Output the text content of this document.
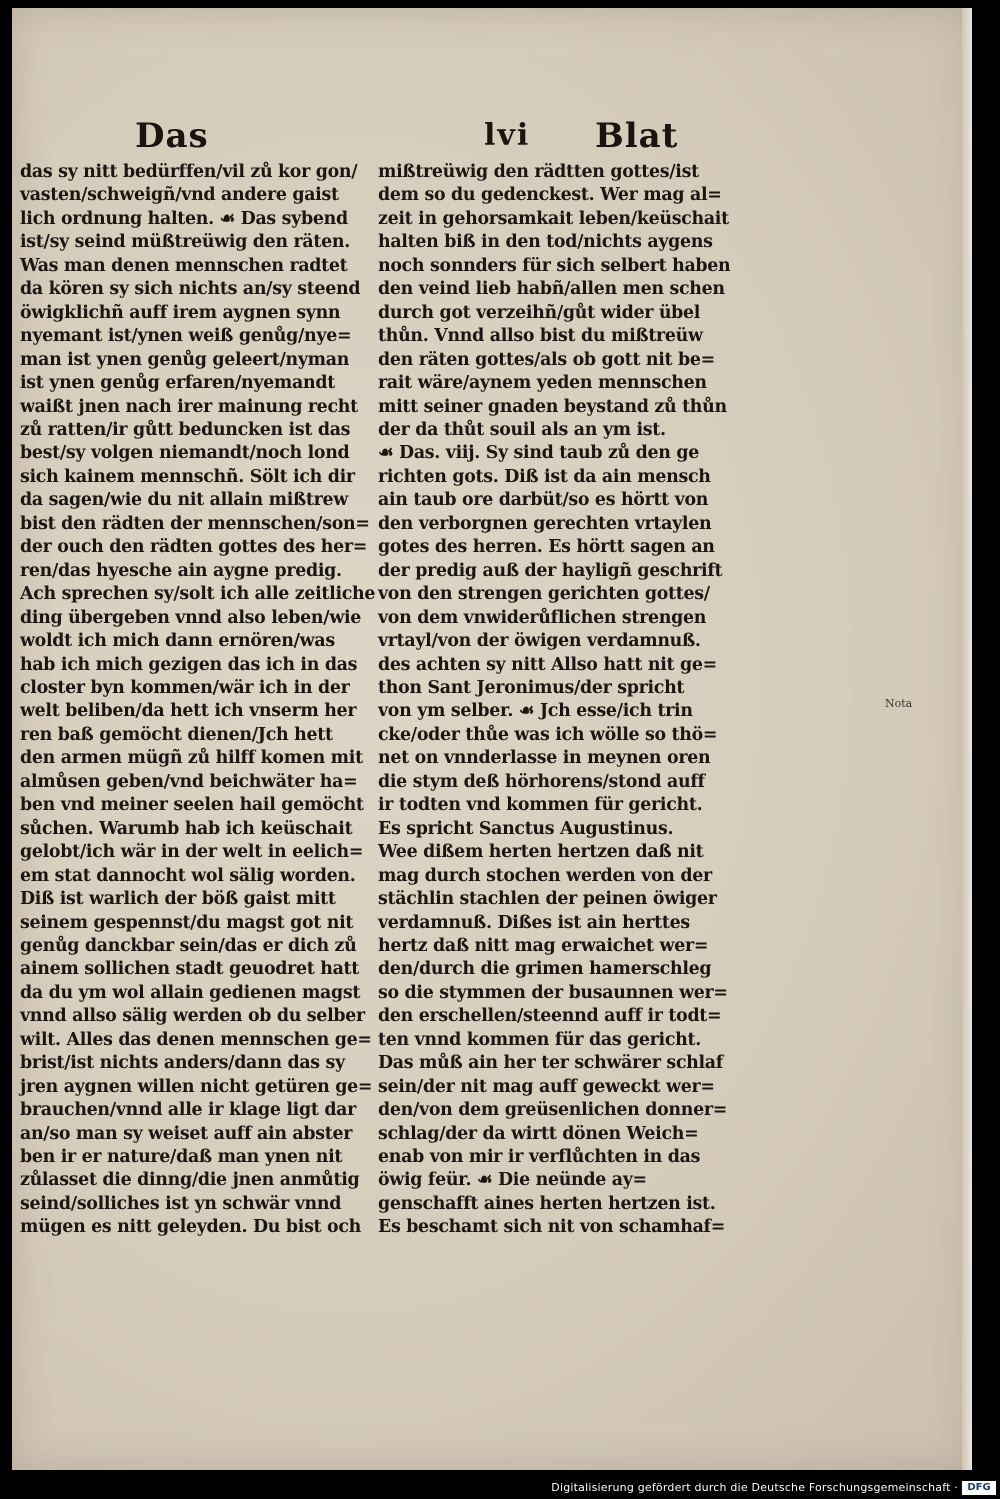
Das	lvi Blat
das sy nitt bedürffen/vil zů kor gon/
vasten/schweigñ/vnd andere gaist
lich ordnung halten. ☙ Das sybend
ist/sy seind müßtreüwig den räten.
Was man denen mennschen radtet
da kören sy sich nichts an/sy steend
öwigklichñ auff irem aygnen synn
nyemant ist/ynen weiß genůg/nye=
man ist ynen genůg geleert/nyman
ist ynen genůg erfaren/nyemandt
waißt jnen nach irer mainung recht
zů ratten/ir gůtt beduncken ist das
best/sy volgen niemandt/noch lond
sich kainem mennschñ. Sölt ich dir
da sagen/wie du nit allain mißtrew
bist den rädten der mennschen/son=
der ouch den rädten gottes des her=
ren/das hyesche ain aygne predig.
Ach sprechen sy/solt ich alle zeitliche
ding übergeben vnnd also leben/wie
woldt ich mich dann ernören/was
hab ich mich gezigen das ich in das
closter byn kommen/wär ich in der
welt beliben/da hett ich vnserm her
ren baß gemöcht dienen/Jch hett
den armen mügñ zů hilff komen mit
almůsen geben/vnd beichwäter ha=
ben vnd meiner seelen hail gemöcht
sůchen. Warumb hab ich keüschait
gelobt/ich wär in der welt in eelich=
em stat dannocht wol sälig worden.
Diß ist warlich der böß gaist mitt
seinem gespennst/du magst got nit
genůg danckbar sein/das er dich zů
ainem sollichen stadt geuodret hatt
da du ym wol allain gedienen magst
vnnd allso sälig werden ob du selber
wilt. Alles das denen mennschen ge=
brist/ist nichts anders/dann das sy
jren aygnen willen nicht getüren ge=
brauchen/vnnd alle ir klage ligt dar
an/so man sy weiset auff ain abster
ben ir er nature/daß man ynen nit
zůlasset die dinng/die jnen anmůtig
seind/solliches ist yn schwär vnnd
mügen es nitt geleyden. Du bist och
mißtreüwig den rädtten gottes/ist
dem so du gedenckest. Wer mag al=
zeit in gehorsamkait leben/keüschait
halten biß in den tod/nichts aygens
noch sonnders für sich selbert haben
den veind lieb habñ/allen men schen
durch got verzeihñ/gůt wider übel
thůn. Vnnd allso bist du mißtreüw
den räten gottes/als ob gott nit be=
rait wäre/aynem yeden mennschen
mitt seiner gnaden beystand zů thůn
der da thůt souil als an ym ist.
☙ Das. viij. Sy sind taub zů den ge
richten gots. Diß ist da ain mensch
ain taub ore darbüt/so es hörtt von
den verborgnen gerechten vrtaylen
gotes des herren. Es hörtt sagen an
der predig auß der hayligñ geschrift
von den strengen gerichten gottes/
von dem vnwiderůflichen strengen
vrtayl/von der öwigen verdamnuß.
des achten sy nitt Allso hatt nit ge=
thon Sant Jeronimus/der spricht
von ym selber. ☙ Jch esse/ich trin
cke/oder thůe was ich wölle so thö=
net on vnnderlasse in meynen oren
die stym deß hörhorens/stond auff
ir todten vnd kommen für gericht.
Es spricht Sanctus Augustinus.
Wee dißem herten hertzen daß nit
mag durch stochen werden von der
stächlin stachlen der peinen öwiger
verdamnuß. Dißes ist ain herttes
hertz daß nitt mag erwaichet wer=
den/durch die grimen hamerschleg
so die stymmen der busaunnen wer=
den erschellen/steennd auff ir todt=
ten vnnd kommen für das gericht.
Das můß ain her ter schwärer schlaf
sein/der nit mag auff geweckt wer=
den/von dem greüsenlichen donner=
schlag/der da wirtt dönen Weich=
enab von mir ir verflůchten in das
öwig feür. ☙ Die neünde ay=
genschafft aines herten hertzen ist.
Es beschamt sich nit von schamhaf=
Nota
Digitalisierung gefördert durch die Deutsche Forschungsgemeinschaft · DFG
